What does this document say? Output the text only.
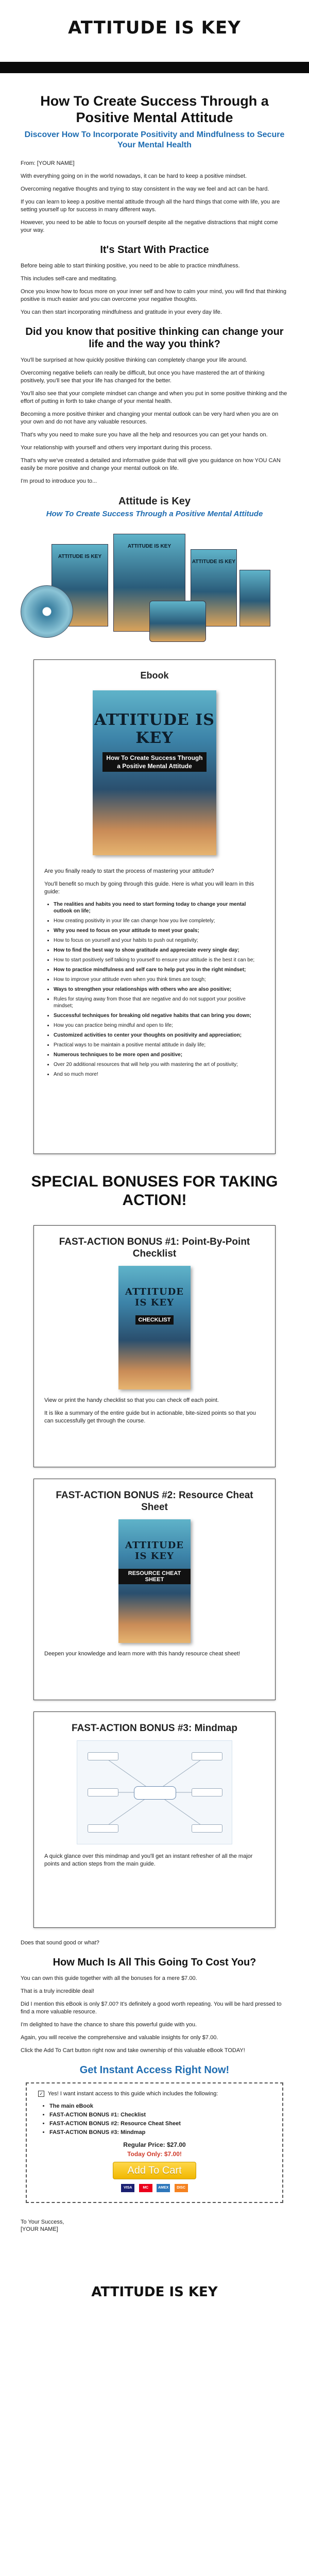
ATTITUDE IS KEY
How To Create Success Through a Positive Mental Attitude
Discover How To Incorporate Positivity and Mindfulness to Secure Your Mental Health

From: [YOUR NAME]

With everything going on in the world nowadays, it can be hard to keep a positive mindset.

Overcoming negative thoughts and trying to stay consistent in the way we feel and act can be hard.

If you can learn to keep a positive mental attitude through all the hard things that come with life, you are setting yourself up for success in many different ways.

However, you need to be able to focus on yourself despite all the negative distractions that might come your way.

It's Start With Practice

Before being able to start thinking positive, you need to be able to practice mindfulness.

This includes self-care and meditating.

Once you know how to focus more on your inner self and how to calm your mind, you will find that thinking positive is much easier and you can overcome your negative thoughts.

You can then start incorporating mindfulness and gratitude in your every day life.

Did you know that positive thinking can change your life and the way you think?

You'll be surprised at how quickly positive thinking can completely change your life around.

Overcoming negative beliefs can really be difficult, but once you have mastered the art of thinking positively, you'll see that your life has changed for the better.

You'll also see that your complete mindset can change and when you put in some positive thinking and the effort of putting in forth to take change of your mental health.

Becoming a more positive thinker and changing your mental outlook can be very hard when you are on your own and do not have any valuable resources.

That's why you need to make sure you have all the help and resources you can get your hands on.

Your relationship with yourself and others very important during this process.

That's why we've created a detailed and informative guide that will give you guidance on how YOU CAN easily be more positive and change your mental outlook on life.

I'm proud to introduce you to...

Attitude is Key
How To Create Success Through a Positive Mental Attitude
ATTITUDE IS KEY
ATTITUDE IS KEY
ATTITUDE IS KEY
Ebook
ATTITUDE IS KEY
How To Create Success Through a Positive Mental Attitude

Are you finally ready to start the process of mastering your attitude?

You'll benefit so much by going through this guide. Here is what you will learn in this guide:

• The realities and habits you need to start forming today to change your mental outlook on life;
• How creating positivity in your life can change how you live completely;
• Why you need to focus on your attitude to meet your goals;
• How to focus on yourself and your habits to push out negativity;
• How to find the best way to show gratitude and appreciate every single day;
• How to start positively self talking to yourself to ensure your attitude is the best it can be;
• How to practice mindfulness and self care to help put you in the right mindset;
• How to improve your attitude even when you think times are tough;
• Ways to strengthen your relationships with others who are also positive;
• Rules for staying away from those that are negative and do not support your positive mindset;
• Successful techniques for breaking old negative habits that can bring you down;
• How you can practice being mindful and open to life;
• Customized activities to center your thoughts on positivity and appreciation;
• Practical ways to be maintain a positive mental attitude in daily life;
• Numerous techniques to be more open and positive;
• Over 20 additional resources that will help you with mastering the art of positivity;
• And so much more!
SPECIAL BONUSES FOR TAKING ACTION!
FAST-ACTION BONUS #1: Point-By-Point Checklist
ATTITUDE IS KEY
CHECKLIST

View or print the handy checklist so that you can check off each point.

It is like a summary of the entire guide but in actionable, bite-sized points so that you can successfully get through the course.

FAST-ACTION BONUS #2: Resource Cheat Sheet
ATTITUDE IS KEY
RESOURCE CHEAT SHEET

Deepen your knowledge and learn more with this handy resource cheat sheet!

FAST-ACTION BONUS #3: Mindmap

A quick glance over this mindmap and you'll get an instant refresher of all the major points and action steps from the main guide.

Does that sound good or what?

How Much Is All This Going To Cost You?

You can own this guide together with all the bonuses for a mere $7.00.

That is a truly incredible deal!

Did I mention this eBook is only $7.00? It's definitely a good worth repeating. You will be hard pressed to find a more valuable resource.

I'm delighted to have the chance to share this powerful guide with you.

Again, you will receive the comprehensive and valuable insights for only $7.00.

Click the Add To Cart button right now and take ownership of this valuable eBook TODAY!

Get Instant Access Right Now!
✓ Yes! I want instant access to this guide which includes the following:
• The main eBook
• FAST-ACTION BONUS #1: Checklist
• FAST-ACTION BONUS #2: Resource Cheat Sheet
• FAST-ACTION BONUS #3: Mindmap
Regular Price: $27.00
Today Only: $7.00!
Add To Cart
VISA	MC	AMEX DISC

To Your Success,

[YOUR NAME]

ATTITUDE IS KEY
